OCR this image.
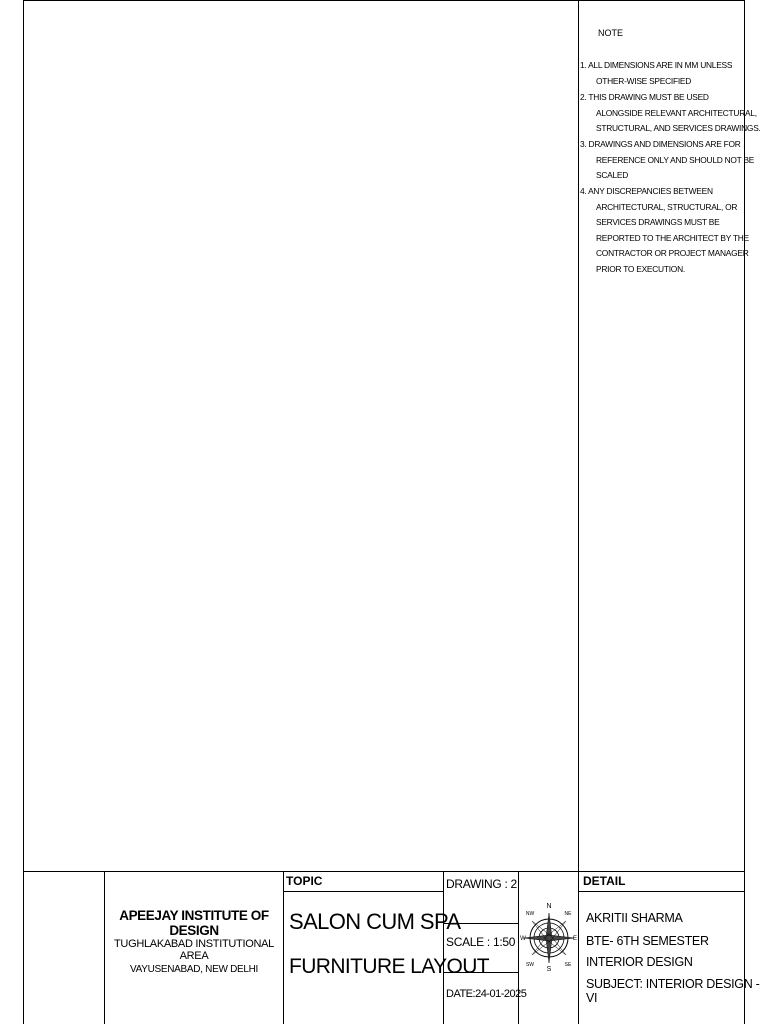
NOTE
1. ALL DIMENSIONS ARE IN MM UNLESS
OTHER-WISE SPECIFIED
2. THIS DRAWING MUST BE USED
ALONGSIDE RELEVANT ARCHITECTURAL,
STRUCTURAL, AND SERVICES DRAWINGS.
3. DRAWINGS AND DIMENSIONS ARE FOR
REFERENCE ONLY AND SHOULD NOT BE
SCALED
4. ANY DISCREPANCIES BETWEEN
ARCHITECTURAL, STRUCTURAL, OR
SERVICES DRAWINGS MUST BE
REPORTED TO THE ARCHITECT BY THE
CONTRACTOR OR PROJECT MANAGER
PRIOR TO EXECUTION.
APEEJAY INSTITUTE OF DESIGN
TUGHLAKABAD INSTITUTIONAL AREA
VAYUSENABAD, NEW DELHI
TOPIC
SALON CUM SPA
FURNITURE LAYOUT
DRAWING : 2
SCALE : 1:50
DATE:24-01-2025
N
S
E
W
NE
NW
SE
SW
DETAIL
AKRITII SHARMA
BTE- 6TH SEMESTER
INTERIOR DESIGN
SUBJECT: INTERIOR DESIGN -VI
